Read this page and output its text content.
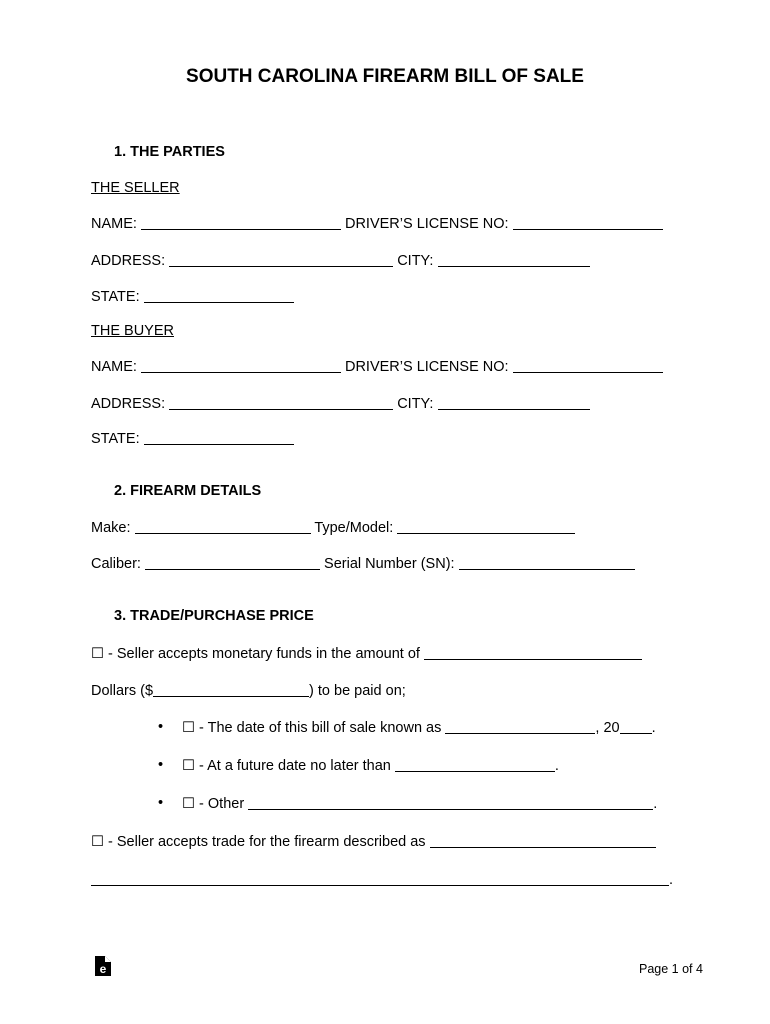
SOUTH CAROLINA FIREARM BILL OF SALE
1. THE PARTIES
THE SELLER
NAME:	DRIVER’S LICENSE NO:
ADDRESS:	CITY:
STATE:
THE BUYER
NAME:	DRIVER’S LICENSE NO:
ADDRESS:	CITY:
STATE:
2. FIREARM DETAILS
Make:	Type/Model:
Caliber:	Serial Number (SN):
3. TRADE/PURCHASE PRICE
☐ - Seller accepts monetary funds in the amount of
Dollars ($	) to be paid on;
• ☐ - The date of this bill of sale known as	, 20 .
• ☐ - At a future date no later than	.
• ☐ - Other	.
☐ - Seller accepts trade for the firearm described as
.
e	Page 1 of 4
